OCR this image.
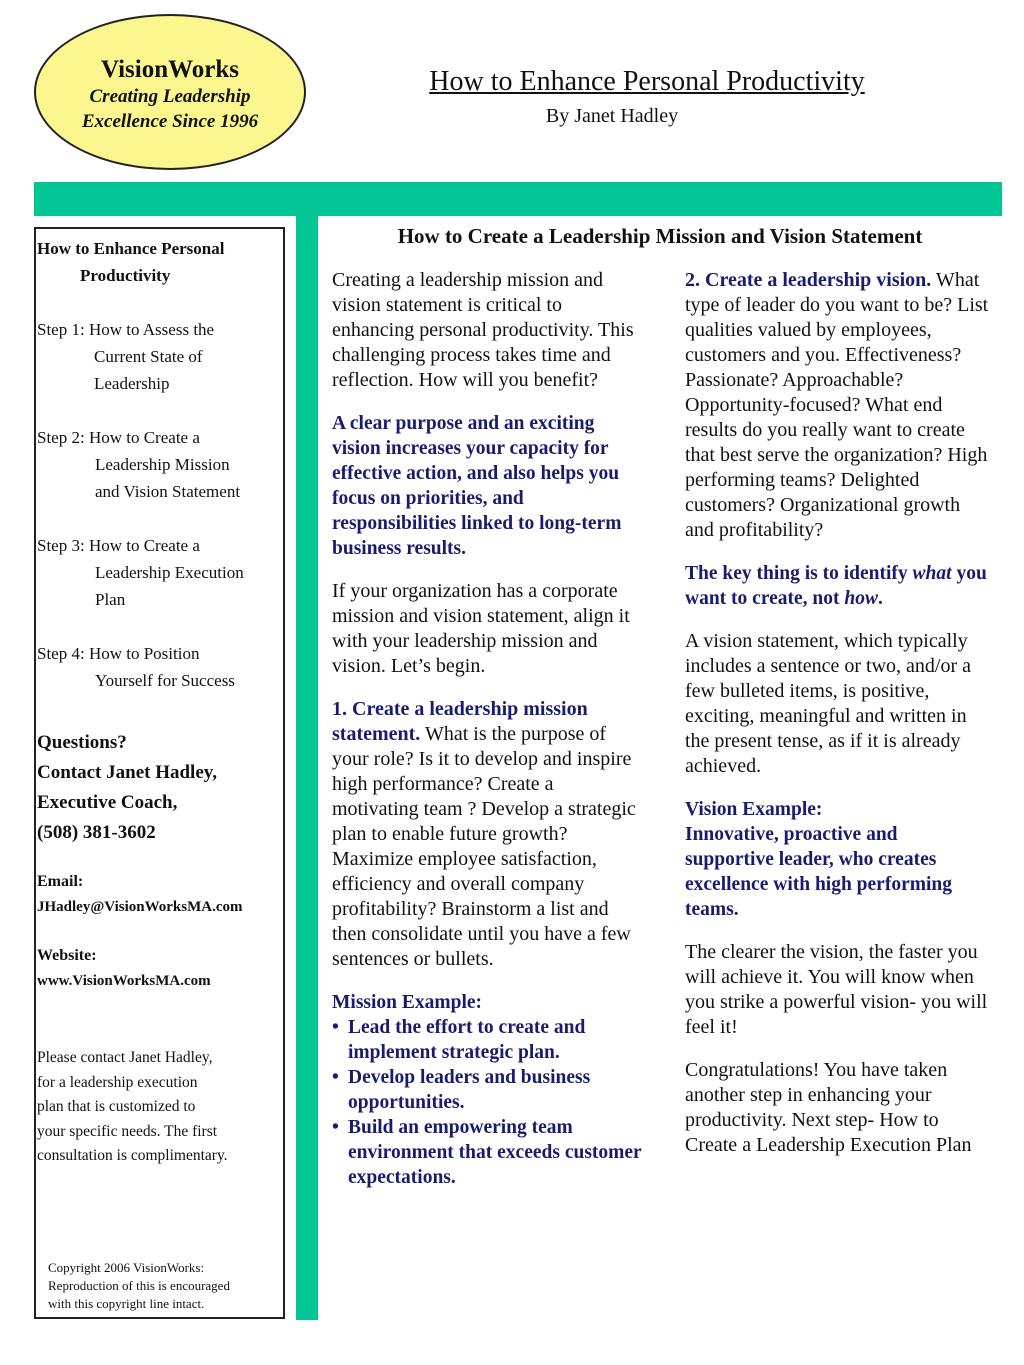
VisionWorks
Creating Leadership
Excellence Since 1996
How to Enhance Personal Productivity
By Janet Hadley
How to Enhance Personal Productivity
Step 1: How to Assess the
Current State of
Leadership
Step 2: How to Create a
Leadership Mission
and Vision Statement
Step 3: How to Create a
Leadership Execution
Plan
Step 4: How to Position
Yourself for Success
Questions?
Contact Janet Hadley,
Executive Coach,
(508) 381-3602
Email:
JHadley@VisionWorksMA.com
Website:
www.VisionWorksMA.com
Please contact Janet Hadley,
for a leadership execution
plan that is customized to
your specific needs. The first
consultation is complimentary.
Copyright 2006 VisionWorks:
Reproduction of this is encouraged
with this copyright line intact.
How to Create a Leadership Mission and Vision Statement

Creating a leadership mission and vision statement is critical to enhancing personal productivity. This challenging process takes time and reflection. How will you benefit?

A clear purpose and an exciting vision increases your capacity for effective action, and also helps you focus on priorities, and responsibilities linked to long-term business results.

If your organization has a corporate mission and vision statement, align it with your leadership mission and vision. Let’s begin.

1. Create a leadership mission statement. What is the purpose of your role? Is it to develop and inspire high performance? Create a motivating team ? Develop a strategic plan to enable future growth? Maximize employee satisfaction, efficiency and overall company profitability? Brainstorm a list and then consolidate until you have a few sentences or bullets.

Mission Example:
• Lead the effort to create and implement strategic plan.
• Develop leaders and business opportunities.
• Build an empowering team environment that exceeds customer expectations.

2. Create a leadership vision. What type of leader do you want to be? List qualities valued by employees, customers and you. Effectiveness? Passionate? Approachable? Opportunity-focused? What end results do you really want to create that best serve the organization? High performing teams? Delighted customers? Organizational growth and profitability?

The key thing is to identify what you want to create, not how.

A vision statement, which typically includes a sentence or two, and/or a few bulleted items, is positive, exciting, meaningful and written in the present tense, as if it is already achieved.

Vision Example:
Innovative, proactive and supportive leader, who creates excellence with high performing teams.

The clearer the vision, the faster you will achieve it. You will know when you strike a powerful vision- you will feel it!

Congratulations! You have taken another step in enhancing your productivity. Next step- How to Create a Leadership Execution Plan
